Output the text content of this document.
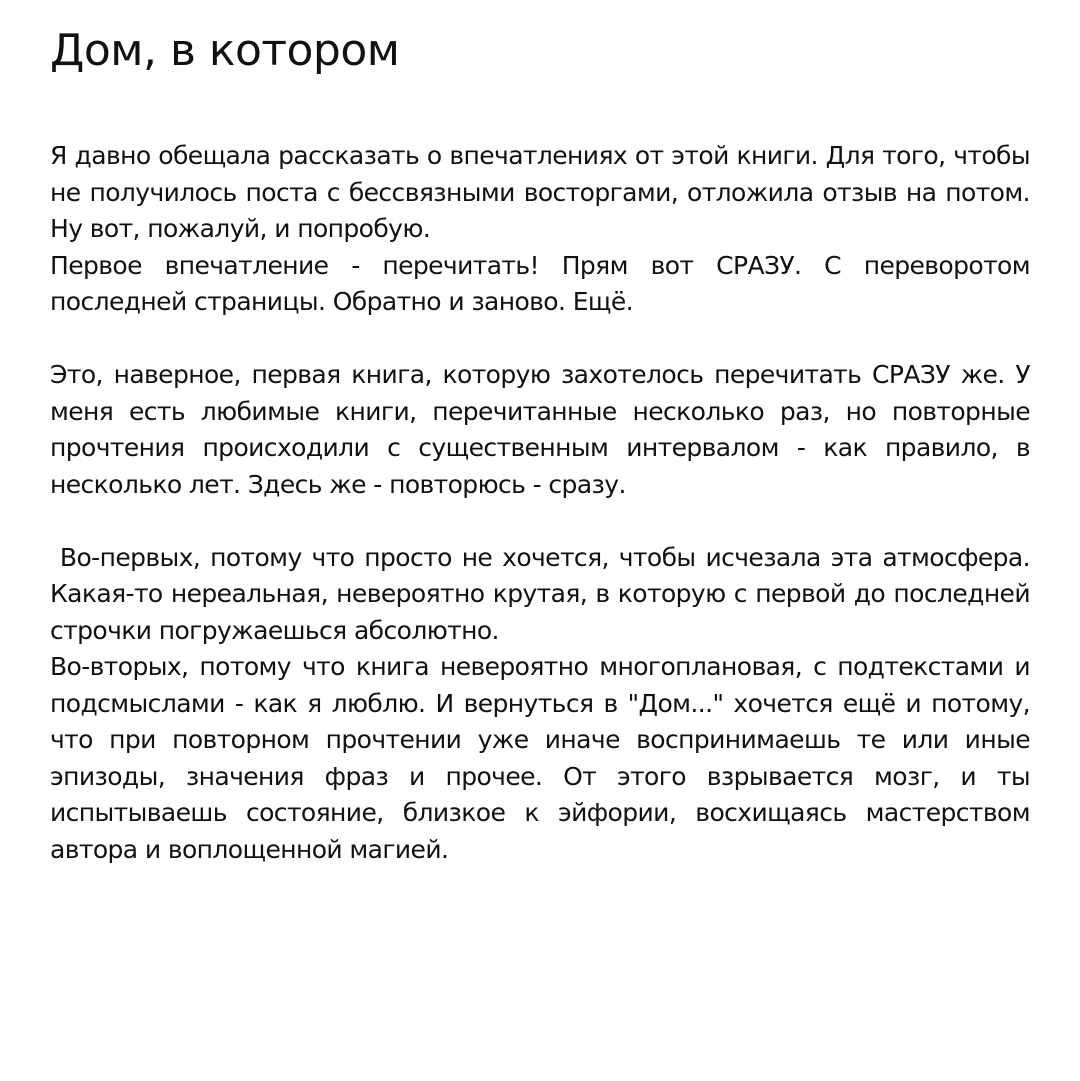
Дом, в котором

Я давно обещала рассказать о впечатлениях от этой книги. Для того, чтобы не получилось поста с бессвязными восторгами, отложила отзыв на потом. Ну вот, пожалуй, и попробую.

Первое впечатление - перечитать! Прям вот СРАЗУ. С переворотом последней страницы. Обратно и заново. Ещё.

Это, наверное, первая книга, которую захотелось перечитать СРАЗУ же. У меня есть любимые книги, перечитанные несколько раз, но повторные прочтения происходили с существенным интервалом - как правило, в несколько лет. Здесь же - повторюсь - сразу.

Во-первых, потому что просто не хочется, чтобы исчезала эта атмосфера. Какая-то нереальная, невероятно крутая, в которую с первой до последней строчки погружаешься абсолютно.

Во-вторых, потому что книга невероятно многоплановая, с подтекстами и подсмыслами - как я люблю. И вернуться в "Дом..." хочется ещё и потому, что при повторном прочтении уже иначе воспринимаешь те или иные эпизоды, значения фраз и прочее. От этого взрывается мозг, и ты испытываешь состояние, близкое к эйфории, восхищаясь мастерством автора и воплощенной магией.
